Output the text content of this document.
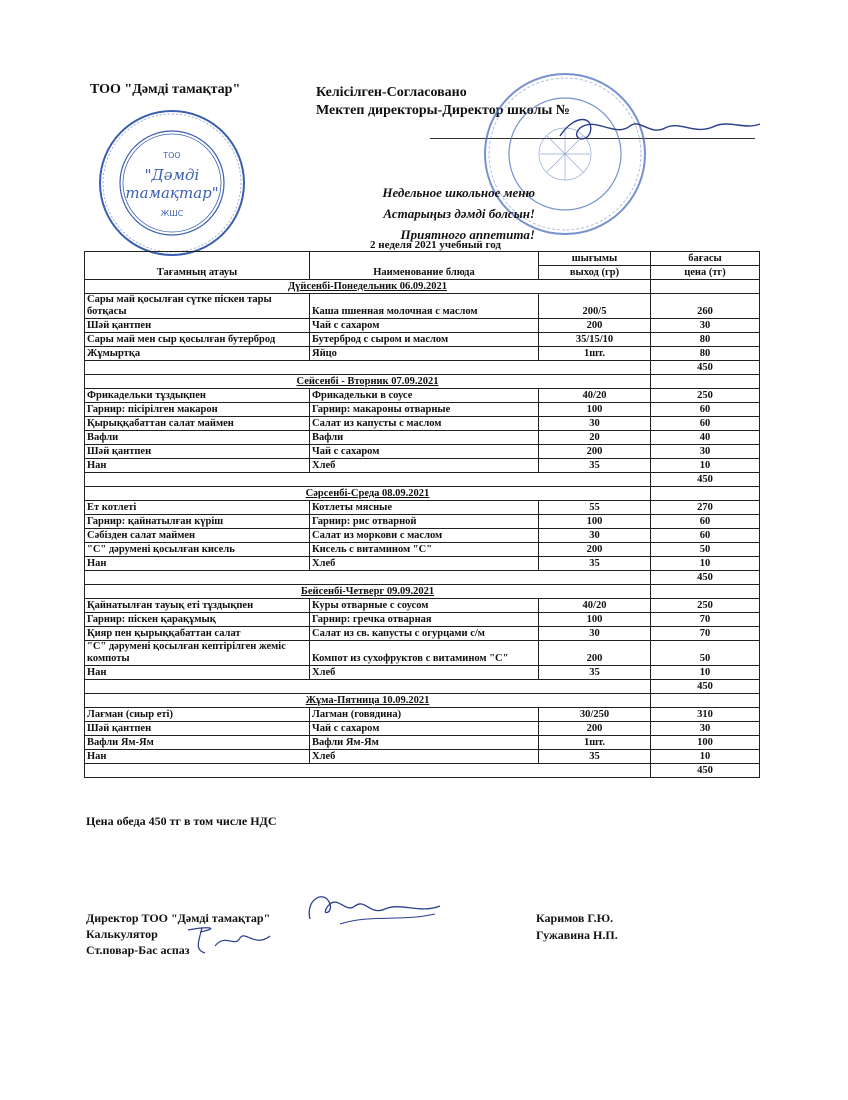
ТОО "Дәмді тамақтар"	Келісілген-Согласовано
Мектеп директоры-Директор школы №
ТОО
"Дәмді
тамақтар"
ЖШС
Недельное школьное меню
Астарыңыз дәмді болсын!
Приятного аппетита!
2 неделя 2021 учебный год
Тағамның атауы	Наименование блюда	шығымы	бағасы
		выход (гр)	цена (тг)
Дүйсенбі-Понедельник 06.09.2021			
Сары май қосылған сүтке піскен тары ботқасы	Каша пшенная молочная с маслом	200/5	260
Шәй қантпен	Чай с сахаром	200	30
Сары май мен сыр қосылған бутерброд	Бутерброд с сыром и маслом	35/15/10	80
Жұмыртқа	Яйцо	1шт.	80
			450
Сейсенбі - Вторник 07.09.2021			
Фрикадельки тұздықпен	Фрикадельки в соусе	40/20	250
Гарнир: пісірілген макарон	Гарнир: макароны отварные	100	60
Қырыққабаттан салат маймен	Салат из капусты с маслом	30	60
Вафли	Вафли	20	40
Шәй қантпен	Чай с сахаром	200	30
Нан	Хлеб	35	10
			450
Сәрсенбі-Среда 08.09.2021			
Ет котлеті	Котлеты мясные	55	270
Гарнир: қайнатылған күріш	Гарнир: рис отварной	100	60
Сәбізден салат маймен	Салат из моркови с маслом	30	60
"С" дәруменi қосылған кисель	Кисель с витамином "С"	200	50
Нан	Хлеб	35	10
			450
Бейсенбі-Четверг 09.09.2021			
Қайнатылған тауық еті тұздықпен	Куры отварные с соусом	40/20	250
Гарнир: піскен қарақұмық	Гарнир: гречка отварная	100	70
Қияр пен қырыққабаттан салат	Салат из св. капусты с огурцами с/м	30	70
"С" дәрумені қосылған кептірілген жеміс компоты	Компот из сухофруктов с витамином "С"	200	50
Нан	Хлеб	35	10
			450
Жұма-Пятница 10.09.2021			
Лағман (сиыр еті)	Лагман (говядина)	30/250	310
Шәй қантпен	Чай с сахаром	200	30
Вафли Ям-Ям	Вафли Ям-Ям	1шт.	100
Нан	Хлеб	35	10
			450
Цена обеда 450 тг в том числе НДС
Директор ТОО "Дәмді тамақтар"
Калькулятор
Ст.повар-Бас аспаз
Каримов Г.Ю.
Гужавина Н.П.
